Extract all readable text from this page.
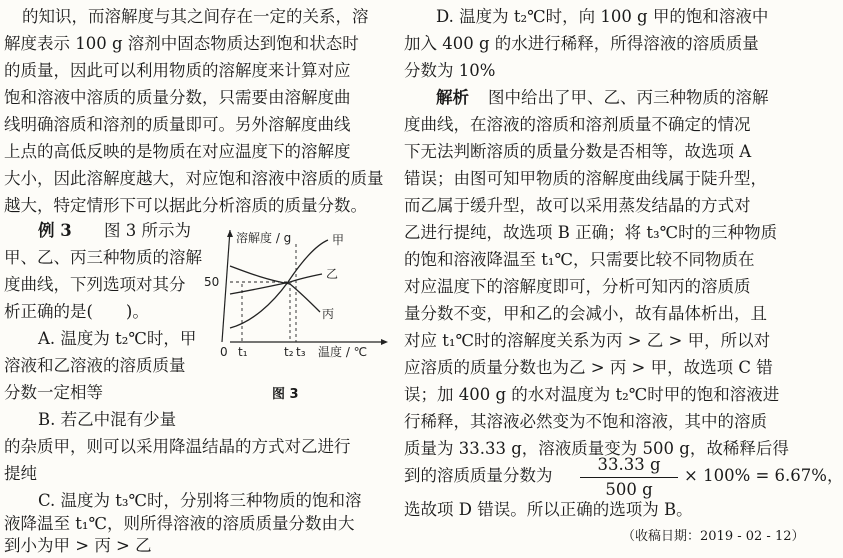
的知识，而溶解度与其之间存在一定的关系，溶
解度表示 100 g 溶剂中固态物质达到饱和状态时
的质量，因此可以利用物质的溶解度来计算对应
饱和溶液中溶质的质量分数，只需要由溶解度曲
线明确溶质和溶剂的质量即可。另外溶解度曲线
上点的高低反映的是物质在对应温度下的溶解度
大小，因此溶解度越大，对应饱和溶液中溶质的质量
越大，特定情形下可以据此分析溶质的质量分数。
例 3 图 3 所示为
甲、乙、丙三种物质的溶解
度曲线，下列选项对其分
析正确的是(　　)。
A. 温度为 t₂℃时，甲
溶液和乙溶液的溶质质量
分数一定相等
B. 若乙中混有少量
的杂质甲，则可以采用降温结晶的方式对乙进行
提纯
C. 温度为 t₃℃时，分别将三种物质的饱和溶
液降温至 t₁℃，则所得溶液的溶质质量分数由大
到小为甲 > 丙 > 乙
溶解度 / g
50
0 t₁	t₂ t₃ 温度 / ℃
甲
乙
丙
图 3
D. 温度为 t₂℃时，向 100 g 甲的饱和溶液中
加入 400 g 的水进行稀释，所得溶液的溶质质量
分数为 10%
解析 图中给出了甲、乙、丙三种物质的溶解
度曲线，在溶液的溶质和溶剂质量不确定的情况
下无法判断溶质的质量分数是否相等，故选项 A
错误；由图可知甲物质的溶解度曲线属于陡升型，
而乙属于缓升型，故可以采用蒸发结晶的方式对
乙进行提纯，故选项 B 正确；将 t₃℃时的三种物质
的饱和溶液降温至 t₁℃，只需要比较不同物质在
对应温度下的溶解度即可，分析可知丙的溶质质
量分数不变，甲和乙的会减小，故有晶体析出，且
对应 t₁℃时的溶解度关系为丙 > 乙 > 甲，所以对
应溶质的质量分数也为乙 > 丙 > 甲，故选项 C 错
误；加 400 g 的水对温度为 t₂℃时甲的饱和溶液进
行稀释，其溶液必然变为不饱和溶液，其中的溶质
质量为 33.33 g，溶液质量变为 500 g，故稀释后得
到的溶质质量分数为 $\frac{33.33 g}{500 g} \times 100\% = 6.67\%$，
选故项 D 错误。所以正确的选项为 B。
（收稿日期：2019 - 02 - 12）
